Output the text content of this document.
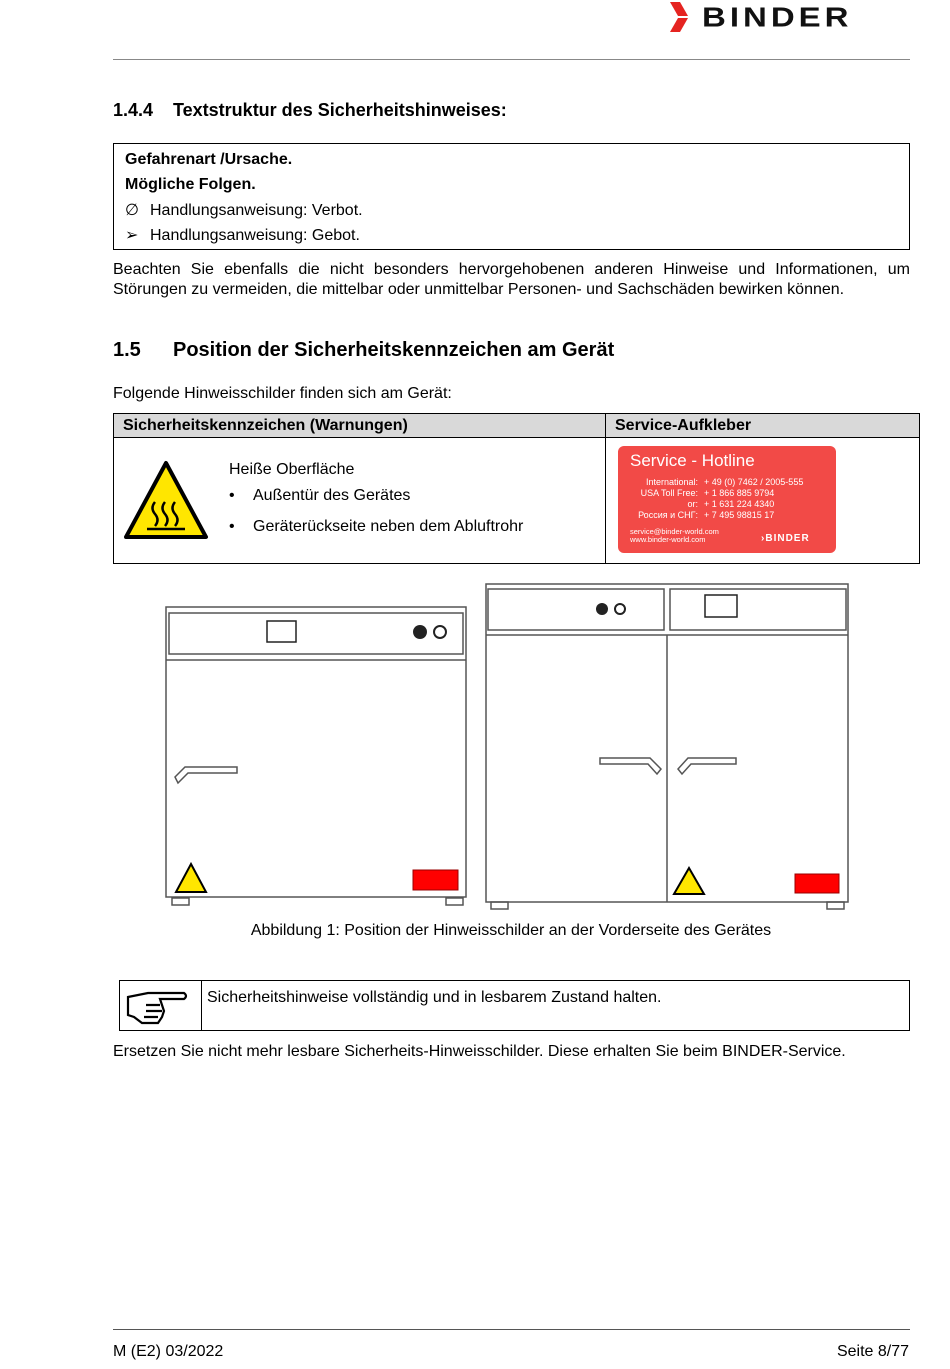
BINDER
1.4.4 Textstruktur des Sicherheitshinweises:
Gefahrenart /Ursache.
Mögliche Folgen.
∅ Handlungsanweisung: Verbot.
➢ Handlungsanweisung: Gebot.
Beachten Sie ebenfalls die nicht besonders hervorgehobenen anderen Hinweise und Informationen, um Störungen zu vermeiden, die mittelbar oder unmittelbar Personen- und Sachschäden bewirken können.
1.5 Position der Sicherheitskennzeichen am Gerät
Folgende Hinweisschilder finden sich am Gerät:
Sicherheitskennzeichen (Warnungen)	Service-Aufkleber
Heiße Oberfläche
• Außentür des Gerätes
• Geräterückseite neben dem Abluftrohr
Service - Hotline
International: + 49 (0) 7462 / 2005-555
USA Toll Free: + 1 866 885 9794
or: + 1 631 224 4340
Россия и СНГ: + 7 495 98815 17
service@binder-world.com
www.binder-world.com	›BINDER
Abbildung 1: Position der Hinweisschilder an der Vorderseite des Gerätes
Sicherheitshinweise vollständig und in lesbarem Zustand halten.
Ersetzen Sie nicht mehr lesbare Sicherheits-Hinweisschilder. Diese erhalten Sie beim BINDER-Service.
M (E2) 03/2022	Seite 8/77
